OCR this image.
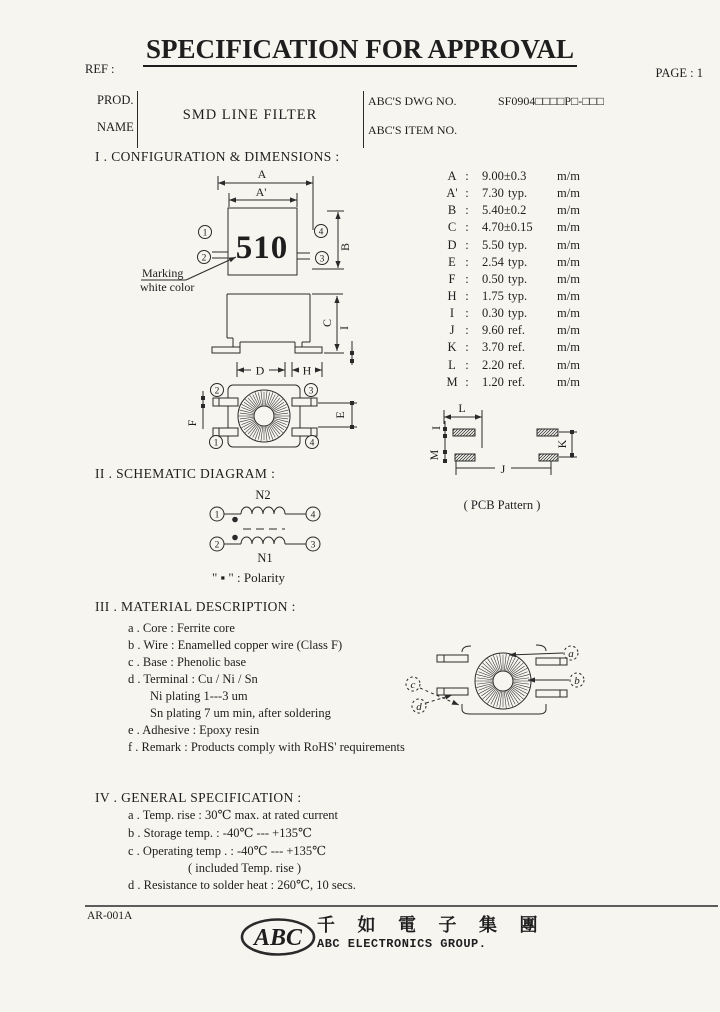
SPECIFICATION FOR APPROVAL
REF :	PAGE : 1
PROD.
NAME
SMD LINE FILTER
ABC'S DWG NO.	SF0904□□□□P□-□□□
ABC'S ITEM NO.
I . CONFIGURATION & DIMENSIONS :
A :	9.00±0.3	m/m
A' :	7.30 typ.	m/m
B :	5.40±0.2	m/m
C :	4.70±0.15	m/m
D :	5.50 typ.	m/m
E :	2.54 typ.	m/m
F :	0.50 typ.	m/m
H :	1.75 typ.	m/m
I :	0.30 typ.	m/m
J :	9.60 ref.	m/m
K :	3.70 ref.	m/m
L :	2.20 ref.	m/m
M :	1.20 ref.	m/m
II . SCHEMATIC DIAGRAM :
" ▪ " : Polarity
III . MATERIAL DESCRIPTION :
a . Core : Ferrite core
b . Wire : Enamelled copper wire (Class F)
c . Base : Phenolic base
d . Terminal : Cu / Ni / Sn
Ni plating 1---3 um
Sn plating 7 um min, after soldering
e . Adhesive : Epoxy resin
f . Remark : Products comply with RoHS' requirements
IV . GENERAL SPECIFICATION :
a . Temp. rise : 30℃ max. at rated current
b . Storage temp. : -40℃ --- +135℃
c . Operating temp . : -40℃ --- +135℃
( included Temp. rise )
d . Resistance to solder heat : 260℃, 10 secs.
AR-001A	千 如 電 子 集 團
ABC ELECTRONICS GROUP.
A
A'
510
1
2
4
3
B
Marking
white color
C
I
D	H
2
1
3
4
F
E	L
I
M
K
J
( PCB Pattern )
N2
1	4
2	3
N1
a
b
c
d
ABC
